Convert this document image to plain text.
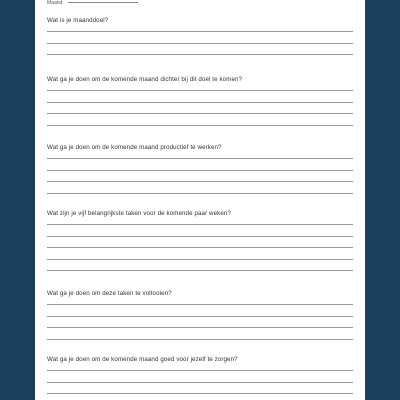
Maand:

Wat is je maanddoel?

Wat ga je doen om de komende maand dichter bij dit doel te komen?

Wat ga je doen om de komende maand productief te werken?

Wat zijn je vijf belangrijkste taken voor de komende paar weken?

Wat ga je doen om deze taken te voltooien?

Wat ga je doen om de komende maand goed voor jezelf te zorgen?
